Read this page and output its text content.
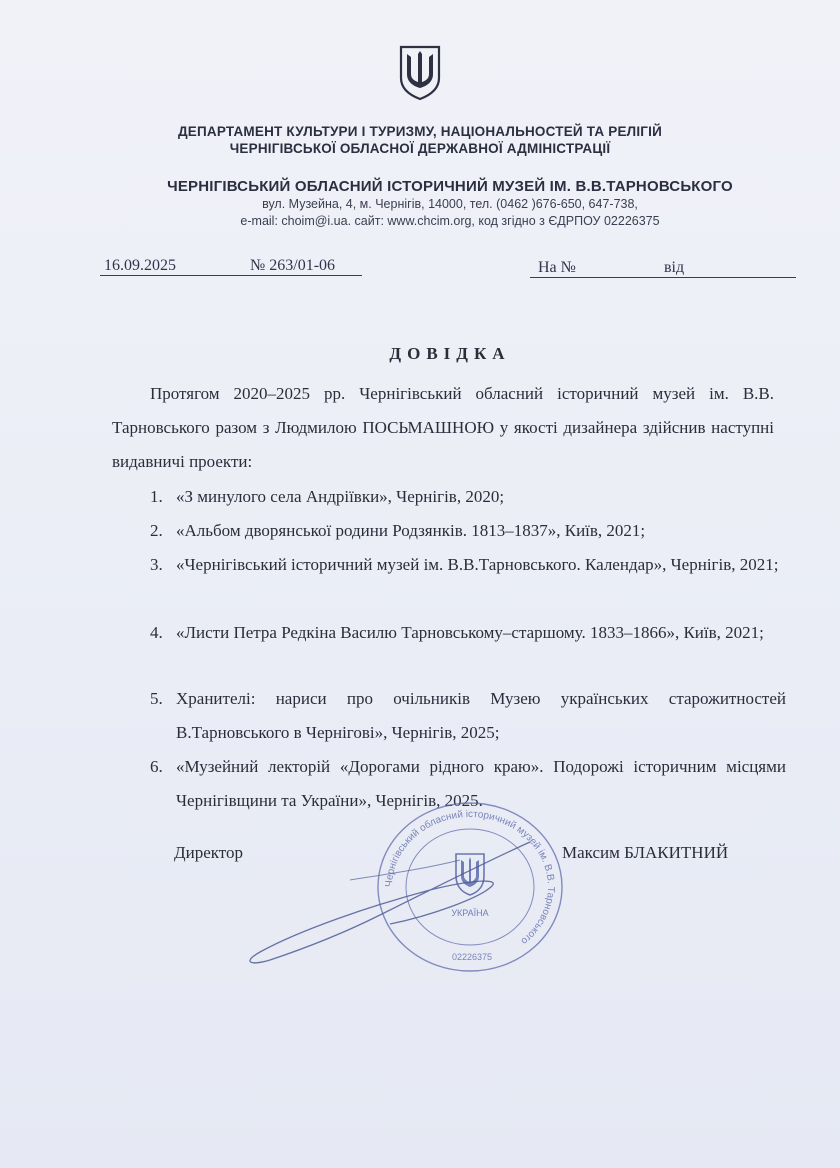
ДЕПАРТАМЕНТ КУЛЬТУРИ І ТУРИЗМУ, НАЦІОНАЛЬНОСТЕЙ ТА РЕЛІГІЙ
ЧЕРНІГІВСЬКОЇ ОБЛАСНОЇ ДЕРЖАВНОЇ АДМІНІСТРАЦІЇ
ЧЕРНІГІВСЬКИЙ ОБЛАСНИЙ ІСТОРИЧНИЙ МУЗЕЙ ІМ. В.В.ТАРНОВСЬКОГО
вул. Музейна, 4, м. Чернігів, 14000, тел. (0462 )676-650, 647-738,
e-mail: choim@i.ua. сайт: www.chcim.org, код згідно з ЄДРПОУ 02226375
16.09.2025	№ 263/01-06	На №	від
ДОВІДКА
Протягом 2020–2025 рр. Чернігівський обласний історичний музей ім. В.В. Тарновського разом з Людмилою ПОСЬМАШНОЮ у якості дизайнера здійснив наступні видавничі проекти:
1. «З минулого села Андріївки», Чернігів, 2020;
2. «Альбом дворянської родини Родзянків. 1813–1837», Київ, 2021;
3. «Чернігівський історичний музей ім. В.В.Тарновського. Календар», Чернігів, 2021;
4. «Листи Петра Редкіна Василю Тарновському–старшому. 1833–1866», Київ, 2021;
5. Хранителі: нариси про очільників Музею українських старожитностей В.Тарновського в Чернігові», Чернігів, 2025;
6. «Музейний лекторій «Дорогами рідного краю». Подорожі історичним місцями Чернігівщини та України», Чернігів, 2025.
Чернігівський обласний історичний музей ім. В.В. Тарновського
УКРАЇНА
02226375
Директор	Максим БЛАКИТНИЙ
